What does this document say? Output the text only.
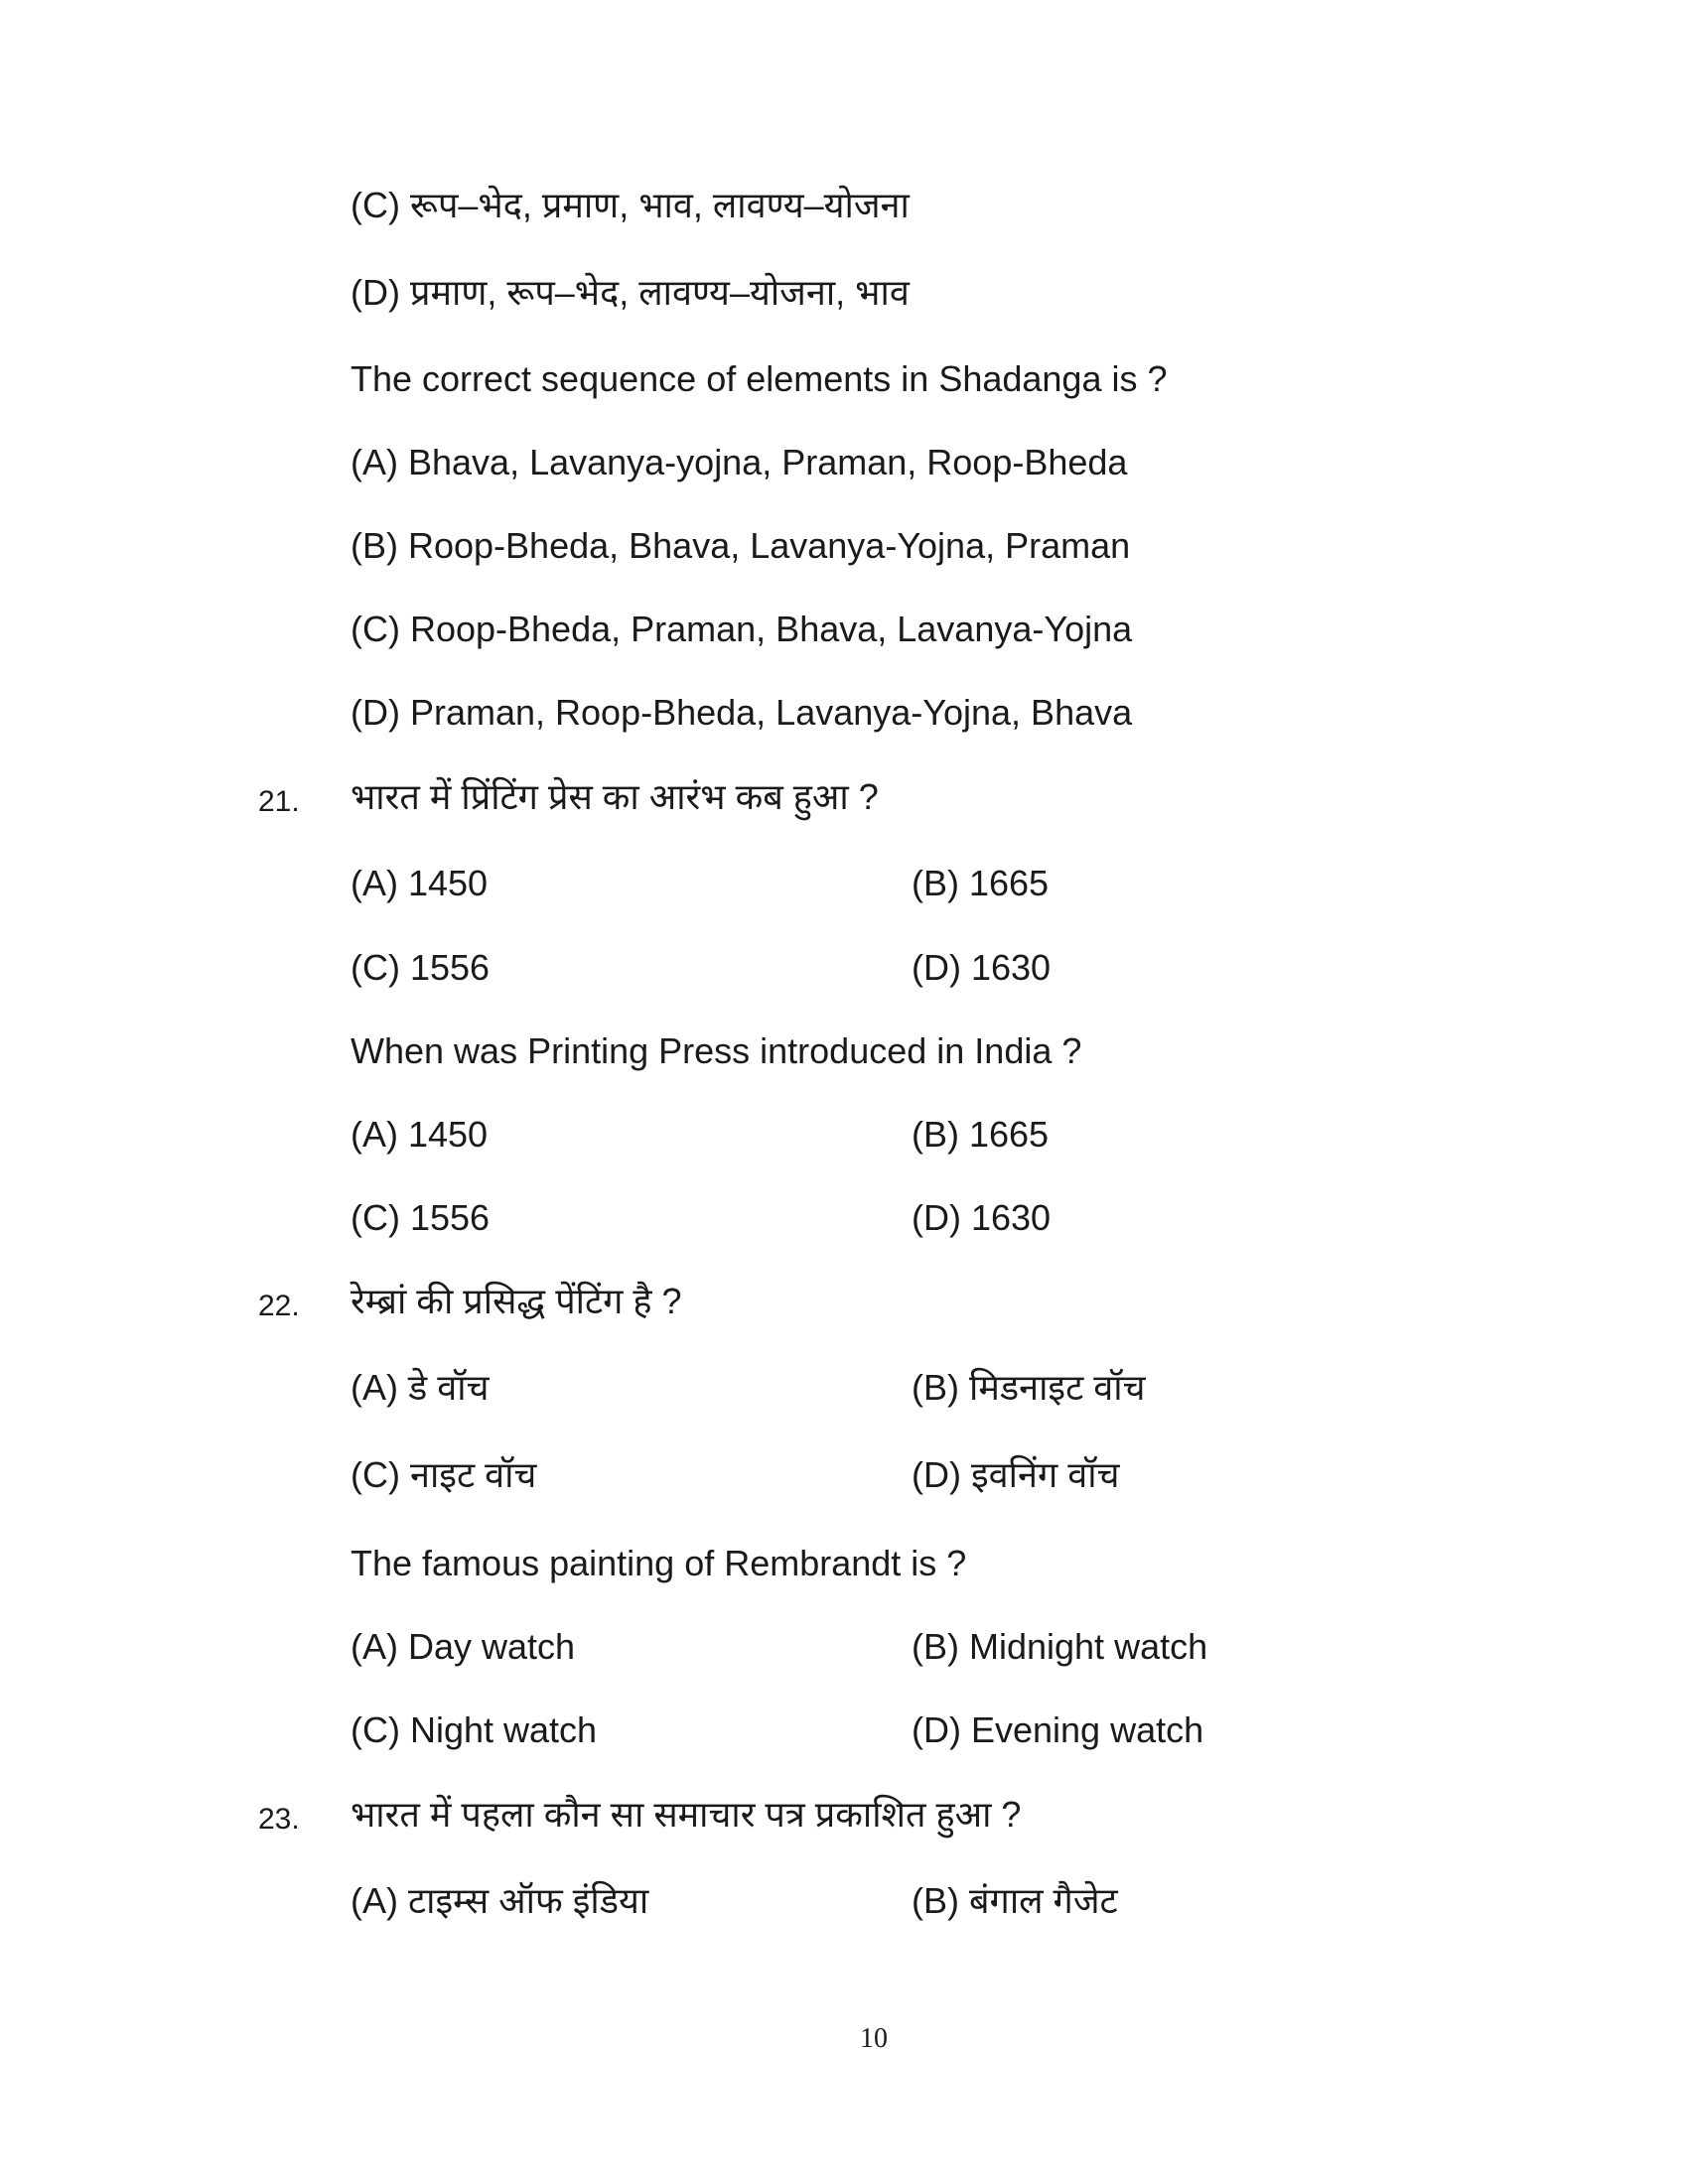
(C) रूप–भेद, प्रमाण, भाव, लावण्य–योजना
(D) प्रमाण, रूप–भेद, लावण्य–योजना, भाव
The correct sequence of elements in Shadanga is ?
(A) Bhava, Lavanya-yojna, Praman, Roop-Bheda
(B) Roop-Bheda, Bhava, Lavanya-Yojna, Praman
(C) Roop-Bheda, Praman, Bhava, Lavanya-Yojna
(D) Praman, Roop-Bheda, Lavanya-Yojna, Bhava
21. भारत में प्रिंटिंग प्रेस का आरंभ कब हुआ ?
(A) 1450	(B) 1665
(C) 1556	(D) 1630
When was Printing Press introduced in India ?
(A) 1450	(B) 1665
(C) 1556	(D) 1630
22. रेम्ब्रां की प्रसिद्ध पेंटिंग है ?
(A) डे वॉच	(B) मिडनाइट वॉच
(C) नाइट वॉच	(D) इवनिंग वॉच
The famous painting of Rembrandt is ?
(A) Day watch	(B) Midnight watch
(C) Night watch	(D) Evening watch
23. भारत में पहला कौन सा समाचार पत्र प्रकाशित हुआ ?
(A) टाइम्स ऑफ इंडिया	(B) बंगाल गैजेट
10
